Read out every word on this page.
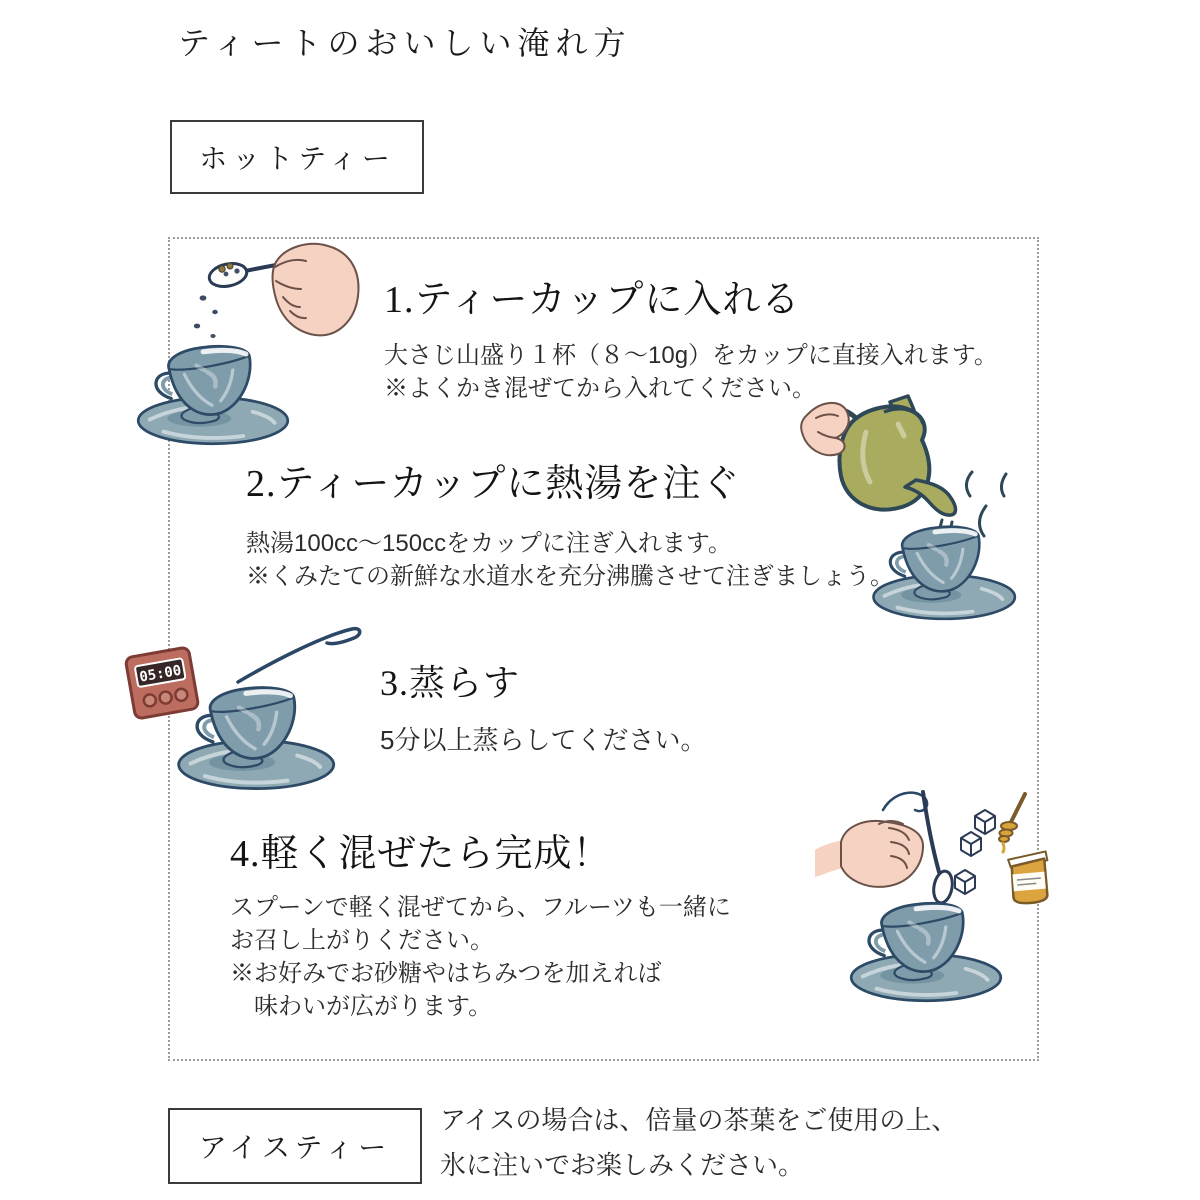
ティートのおいしい淹れ方
ホットティー
1.ティーカップに入れる
大さじ山盛り１杯（８～10g）をカップに直接入れます。
※よくかき混ぜてから入れてください。
2.ティーカップに熱湯を注ぐ
熱湯100cc～150ccをカップに注ぎ入れます。
※くみたての新鮮な水道水を充分沸騰させて注ぎましょう。
05:00	3.蒸らす
5分以上蒸らしてください。
4.軽く混ぜたら完成！
スプーンで軽く混ぜてから、フルーツも一緒に
お召し上がりください。
※お好みでお砂糖やはちみつを加えれば
　味わいが広がります。
アイスティー
アイスの場合は、倍量の茶葉をご使用の上、
氷に注いでお楽しみください。
